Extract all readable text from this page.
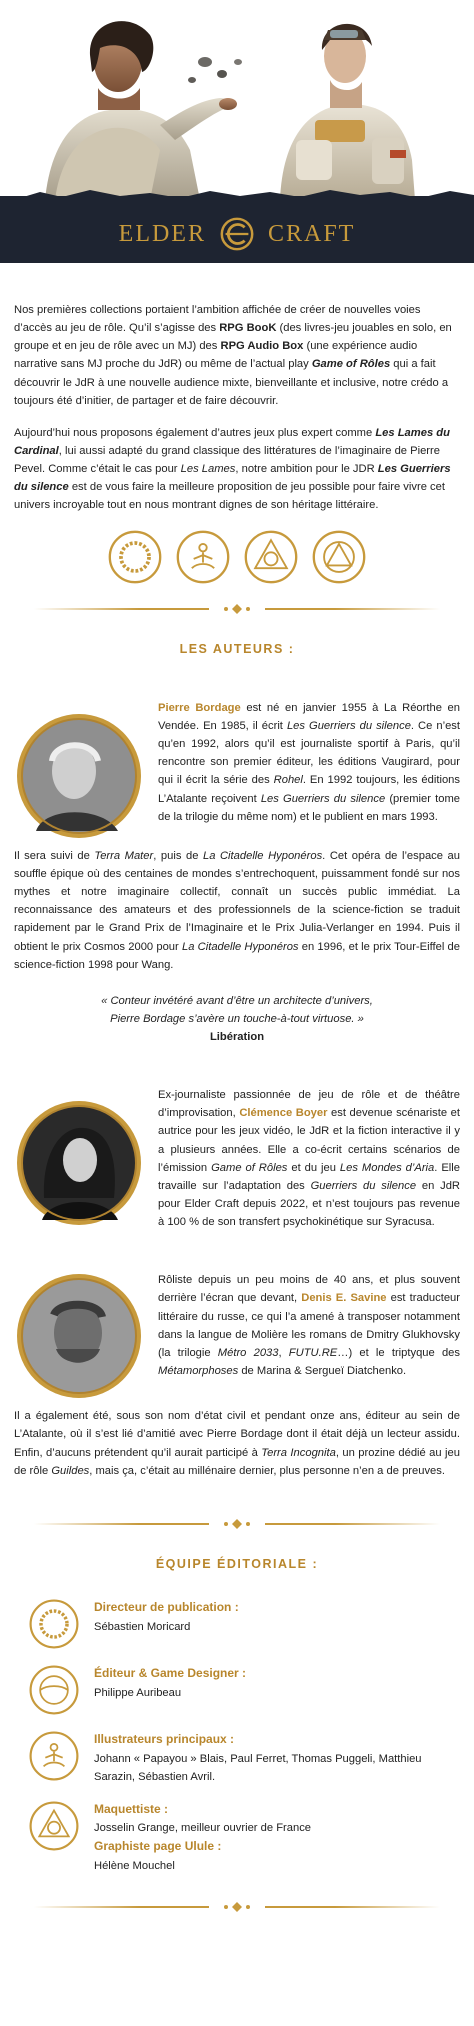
ELDER	CRAFT

Nos premières collections portaient l’ambition affichée de créer de nouvelles voies d’accès au jeu de rôle. Qu’il s’agisse des RPG BooK (des livres-jeu jouables en solo, en groupe et en jeu de rôle avec un MJ) des RPG Audio Box (une expérience audio narrative sans MJ proche du JdR) ou même de l’actual play Game of Rôles qui a fait découvrir le JdR à une nouvelle audience mixte, bienveillante et inclusive, notre crédo a toujours été d’initier, de partager et de faire découvrir.

Aujourd’hui nous proposons également d’autres jeux plus expert comme Les Lames du Cardinal, lui aussi adapté du grand classique des littératures de l’imaginaire de Pierre Pevel. Comme c’était le cas pour Les Lames, notre ambition pour le JDR Les Guerriers du silence est de vous faire la meilleure proposition de jeu possible pour faire vivre cet univers incroyable tout en nous montrant dignes de son héritage littéraire.

LES AUTEURS :
Pierre Bordage est né en janvier 1955 à La Réorthe en Vendée. En 1985, il écrit Les Guerriers du silence. Ce n’est qu’en 1992, alors qu’il est journaliste sportif à Paris, qu’il rencontre son premier éditeur, les éditions Vaugirard, pour qui il écrit la série des Rohel. En 1992 toujours, les éditions L’Atalante reçoivent Les Guerriers du silence (premier tome de la trilogie du même nom) et le publient en mars 1993.

Il sera suivi de Terra Mater, puis de La Citadelle Hyponéros. Cet opéra de l’espace au souffle épique où des centaines de mondes s’entrechoquent, puissamment fondé sur nos mythes et notre imaginaire collectif, connaît un succès public immédiat. La reconnaissance des amateurs et des professionnels de la science-fiction se traduit rapidement par le Grand Prix de l’Imaginaire et le Prix Julia-Verlanger en 1994. Puis il obtient le prix Cosmos 2000 pour La Citadelle Hyponéros en 1996, et le prix Tour-Eiffel de science-fiction 1998 pour Wang.

« Conteur invétéré avant d’être un architecte d’univers,
Pierre Bordage s’avère un touche-à-tout virtuose. »
Libération
Ex-journaliste passionnée de jeu de rôle et de théâtre d’improvisation, Clémence Boyer est devenue scénariste et autrice pour les jeux vidéo, le JdR et la fiction interactive il y a plusieurs années. Elle a co-écrit certains scénarios de l’émission Game of Rôles et du jeu Les Mondes d’Aria. Elle travaille sur l’adaptation des Guerriers du silence en JdR pour Elder Craft depuis 2022, et n’est toujours pas revenue à 100 % de son transfert psychokinétique sur Syracusa.
Rôliste depuis un peu moins de 40 ans, et plus souvent derrière l’écran que devant, Denis E. Savine est traducteur littéraire du russe, ce qui l’a amené à transposer notamment dans la langue de Molière les romans de Dmitry Glukhovsky (la trilogie Métro 2033, FUTU.RE…) et le triptyque des Métamorphoses de Marina & Sergueï Diatchenko.

Il a également été, sous son nom d’état civil et pendant onze ans, éditeur au sein de L’Atalante, où il s’est lié d’amitié avec Pierre Bordage dont il était déjà un lecteur assidu. Enfin, d’aucuns prétendent qu’il aurait participé à Terra Incognita, un prozine dédié au jeu de rôle Guildes, mais ça, c’était au millénaire dernier, plus personne n’en a de preuves.

ÉQUIPE ÉDITORIALE :
Directeur de publication :
Sébastien Moricard
Éditeur & Game Designer :
Philippe Auribeau
Illustrateurs principaux :
Johann « Papayou » Blais, Paul Ferret, Thomas Puggeli, Matthieu Sarazin, Sébastien Avril.
Maquettiste :
Josselin Grange, meilleur ouvrier de France
Graphiste page Ulule :
Hélène Mouchel
